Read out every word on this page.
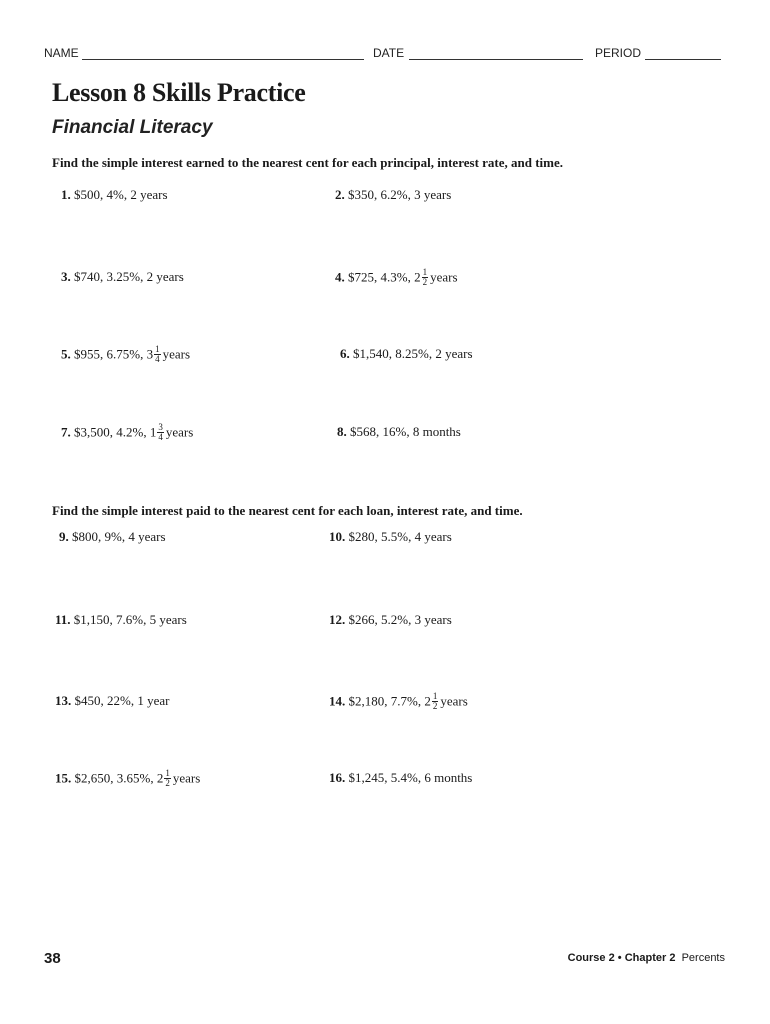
NAME	DATE	PERIOD
Lesson 8 Skills Practice
Financial Literacy
Find the simple interest earned to the nearest cent for each principal, interest rate, and time.
1. $500, 4%, 2 years	2. $350, 6.2%, 3 years
3. $740, 3.25%, 2 years	4. $725, 4.3%, $2 \frac{1}{2}$ years
5. $955, 6.75%, $3 \frac{1}{4}$ years	6. $1,540, 8.25%, 2 years
7. $3,500, 4.2%, $1 \frac{3}{4}$ years	8. $568, 16%, 8 months
Find the simple interest paid to the nearest cent for each loan, interest rate, and time.
9. $800, 9%, 4 years	10. $280, 5.5%, 4 years
11. $1,150, 7.6%, 5 years	12. $266, 5.2%, 3 years
13. $450, 22%, 1 year	14. $2,180, 7.7%, $2 \frac{1}{2}$ years
15. $2,650, 3.65%, $2 \frac{1}{2}$ years	16. $1,245, 5.4%, 6 months
38	Course 2 • Chapter 2 Percents
